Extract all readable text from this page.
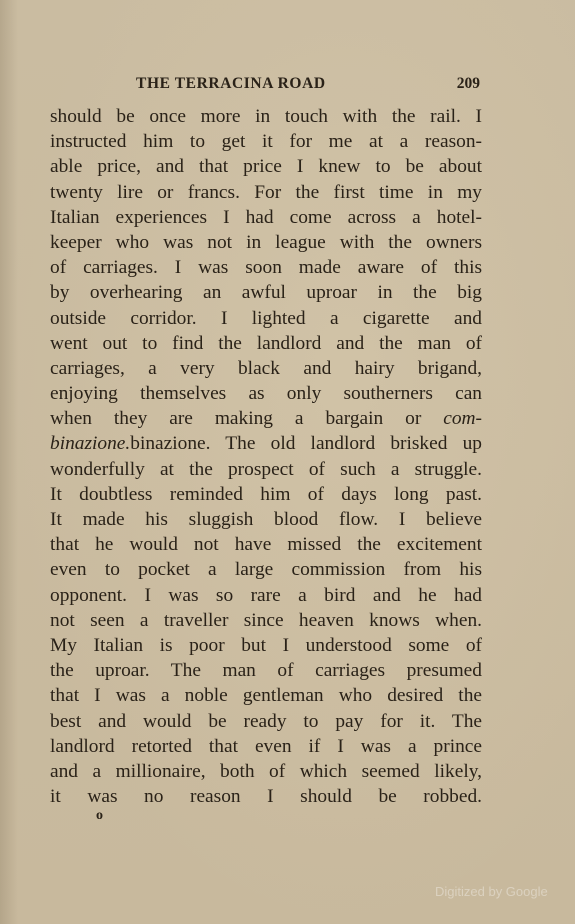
THE TERRACINA ROAD	209
should be once more in touch with the rail. I
instructed him to get it for me at a reason-
able price, and that price I knew to be about
twenty lire or francs. For the first time in my
Italian experiences I had come across a hotel-
keeper who was not in league with the owners
of carriages. I was soon made aware of this
by overhearing an awful uproar in the big
outside corridor. I lighted a cigarette and
went out to find the landlord and the man of
carriages, a very black and hairy brigand,
enjoying themselves as only southerners can
when they are making a bargain or com-
binazione.binazione. The old landlord brisked up
wonderfully at the prospect of such a struggle.
It doubtless reminded him of days long past.
It made his sluggish blood flow. I believe
that he would not have missed the excitement
even to pocket a large commission from his
opponent. I was so rare a bird and he had
not seen a traveller since heaven knows when.
My Italian is poor but I understood some of
the uproar. The man of carriages presumed
that I was a noble gentleman who desired the
best and would be ready to pay for it. The
landlord retorted that even if I was a prince
and a millionaire, both of which seemed likely,
it was no reason I should be robbed.
o
Digitized by Google
